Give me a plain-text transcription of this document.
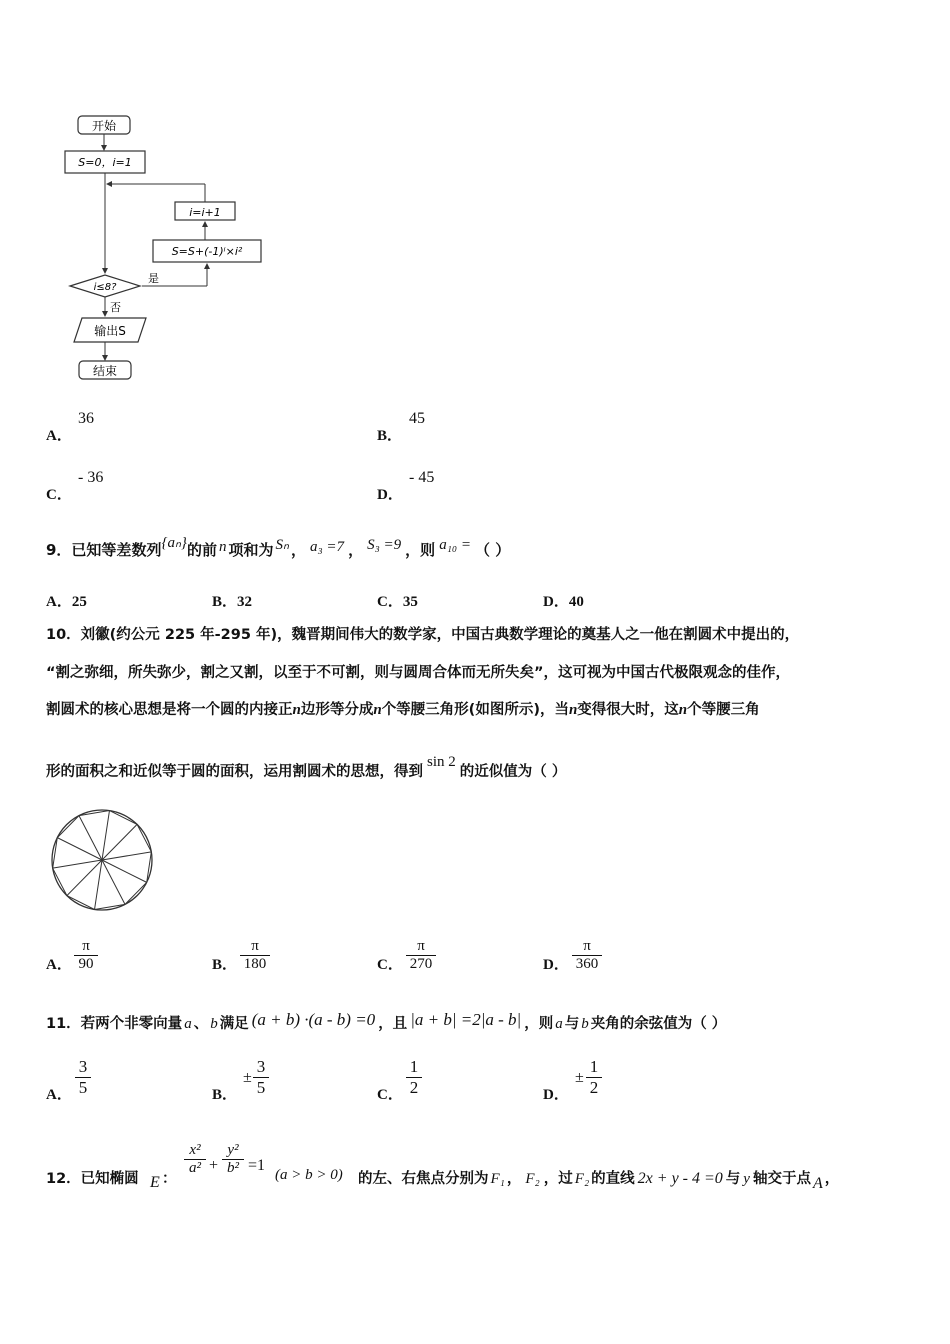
开始
S=0，i=1
i=i+1
S=S+(-1)ⁱ×i²
是
i≤8?
否
输出S
结束
A．
36
B．
45
C．
- 36
D．
- 45
9．已知等差数列{aₙ}的前 n 项和为 Sₙ ， a₃ =7 ， S₃ =9 ，则 a₁₀ = （ ）
A．25	B．32	C．35	D．40
10．刘徽(约公元 225 年-295 年)，魏晋期间伟大的数学家，中国古典数学理论的奠基人之一他在割圆术中提出的，
“割之弥细，所失弥少，割之又割，以至于不可割，则与圆周合体而无所失矣”，这可视为中国古代极限观念的佳作，
割圆术的核心思想是将一个圆的内接正n边形等分成n个等腰三角形(如图所示)，当n变得很大时，这n个等腰三角
形的面积之和近似等于圆的面积，运用割圆术的思想，得到sin 2的近似值为（ ）
A．
π
90	B．
π
180	C．
π
270	D．
π
360
11．若两个非零向量 a 、 b 满足 (a + b) ·(a - b) =0 ，且 |a + b| =2|a - b| ，则 a 与 b 夹角的余弦值为（ ）
A．
3
5	B．
±
3
5	C．
1
2	D．
±
1
2
12．已知椭圆 E ：
x²
a² +
y²
b² =1
(a > b > 0) 的左、右焦点分别为 F₁ ， F₂ ，过 F₂ 的直线 2x + y - 4 =0 与 y 轴交于点 A ，
